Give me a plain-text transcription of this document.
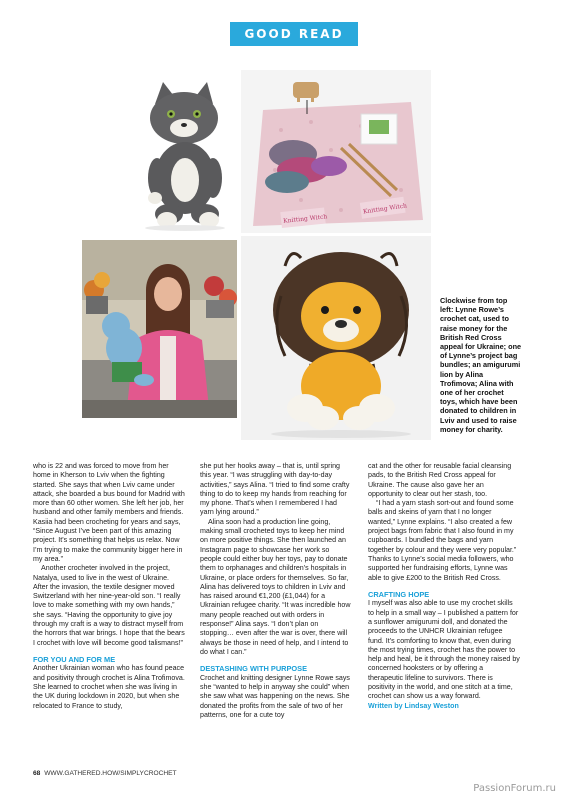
GOOD READ
Knitting Witch
Knitting Witch
Clockwise from top left: Lynne Rowe’s crochet cat, used to raise money for the British Red Cross appeal for Ukraine; one of Lynne’s project bag bundles; an amigurumi lion by Alina Trofimova; Alina with one of her crochet toys, which have been donated to children in Lviv and used to raise money for charity.

who is 22 and was forced to move from her home in Kherson to Lviv when the fighting started. She says that when Lviv came under attack, she boarded a bus bound for Madrid with more than 60 other women. She left her job, her husband and other family members and friends. Kasiia had been crocheting for years and says, “Since August I’ve been part of this amazing project. It’s something that helps us relax. Now I’m trying to make the community bigger here in my area.”

Another crocheter involved in the project, Natalya, used to live in the west of Ukraine. After the invasion, the textile designer moved Switzerland with her nine-year-old son. “I really love to make something with my own hands,” she says. “Having the opportunity to give joy through my craft is a way to distract myself from the horrors that war brings. I hope that the bears I crochet with love will become good talismans!”

FOR YOU AND FOR ME

Another Ukrainian woman who has found peace and positivity through crochet is Alina Trofimova. She learned to crochet when she was living in the UK during lockdown in 2020, but when she relocated to France to study,

she put her hooks away – that is, until spring this year. “I was struggling with day-to-day activities,” says Alina. “I tried to find some crafty thing to do to keep my hands from reaching for my phone. That’s when I remembered I had yarn lying around.”

Alina soon had a production line going, making small crocheted toys to keep her mind on more positive things. She then launched an Instagram page to showcase her work so people could either buy her toys, pay to donate them to orphanages and children’s hospitals in Ukraine, or place orders for themselves. So far, Alina has delivered toys to children in Lviv and has raised around €1,200 (£1,044) for a Ukrainian refugee charity. “It was incredible how many people reached out with orders in response!” Alina says. “I don’t plan on stopping… even after the war is over, there will always be those in need of help, and I intend to do what I can.”

DESTASHING WITH PURPOSE

Crochet and knitting designer Lynne Rowe says she “wanted to help in anyway she could” when she saw what was happening on the news. She donated the profits from the sale of two of her patterns, one for a cute toy

cat and the other for reusable facial cleansing pads, to the British Red Cross appeal for Ukraine. The cause also gave her an opportunity to clear out her stash, too.

“I had a yarn stash sort-out and found some balls and skeins of yarn that I no longer wanted,” Lynne explains. “I also created a few project bags from fabric that I also found in my cupboards. I bundled the bags and yarn together by colour and they were very popular.” Thanks to Lynne’s social media followers, who supported her fundraising efforts, Lynne was able to give £200 to the British Red Cross.

CRAFTING HOPE

I myself was also able to use my crochet skills to help in a small way – I published a pattern for a sunflower amigurumi doll, and donated the proceeds to the UNHCR Ukrainian refugee fund. It’s comforting to know that, even during the most trying times, crochet has the power to help and heal, be it through the money raised by concerned hooksters or by offering a therapeutic lifeline to survivors. There is positivity in the world, and one stitch at a time, crochet can show us a way forward.

Written by Lindsay Weston

68 WWW.GATHERED.HOW/SIMPLYCROCHET
PassionForum.ru
